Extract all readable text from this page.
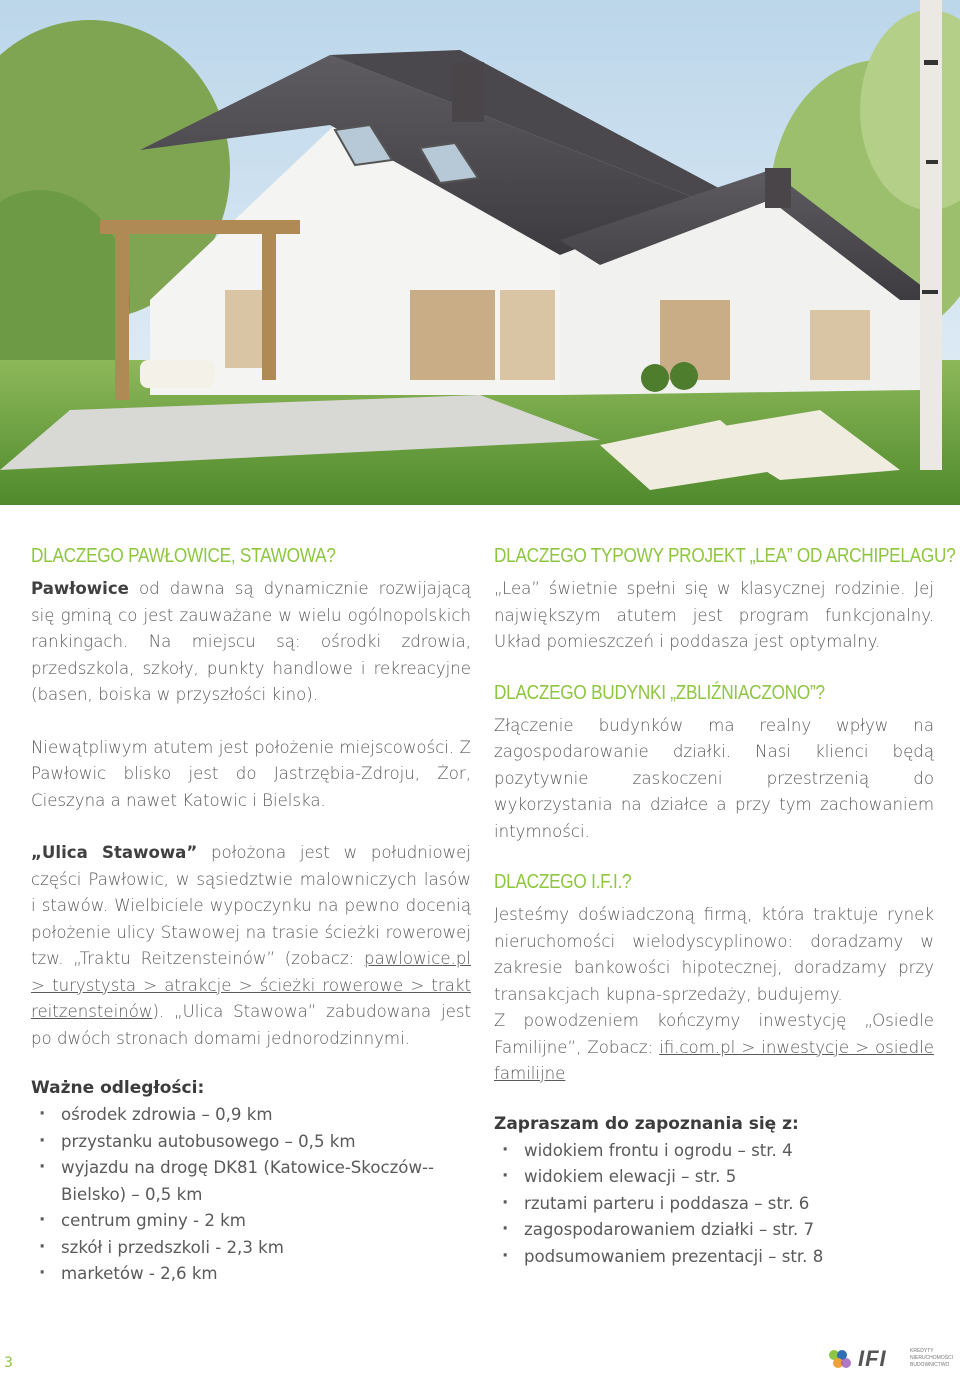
DLACZEGO PAWŁOWICE, STAWOWA?

Pawłowice od dawna są dynamicznie rozwijającą się gminą co jest zauważane w wielu ogólnopolskich rankingach. Na miejscu są: ośrodki zdrowia, przedszkola, szkoły, punkty handlowe i rekreacyjne (basen, boiska w przyszłości kino).

Niewątpliwym atutem jest położenie miejscowości. Z Pawłowic blisko jest do Jastrzębia-Zdroju, Żor, Cieszyna a nawet Katowic i Bielska.

„Ulica Stawowa” położona jest w południowej części Pawłowic, w sąsiedztwie malowniczych lasów i stawów. Wielbiciele wypoczynku na pewno docenią położenie ulicy Stawowej na trasie ścieżki rowerowej tzw. „Traktu Reitzensteinów” (zobacz: pawlowice.pl > turystysta > atrakcje > ścieżki rowerowe > trakt reitzensteinów). „Ulica Stawowa” zabudowana jest po dwóch stronach domami jednorodzinnymi.

Ważne odległości:
· ośrodek zdrowia – 0,9 km
· przystanku autobusowego – 0,5 km
· wyjazdu na drogę DK81 (Katowice-Skoczów--Bielsko) – 0,5 km
· centrum gminy - 2 km
· szkół i przedszkoli - 2,3 km
· marketów - 2,6 km
DLACZEGO TYPOWY PROJEKT „LEA” OD ARCHIPELAGU?

„Lea” świetnie spełni się w klasycznej rodzinie. Jej największym atutem jest program funkcjonalny. Układ pomieszczeń i poddasza jest optymalny.

DLACZEGO BUDYNKI „ZBLIŹNIACZONO”?

Złączenie budynków ma realny wpływ na zagospodarowanie działki. Nasi klienci będą pozytywnie zaskoczeni przestrzenią do wykorzystania na działce a przy tym zachowaniem intymności.

DLACZEGO I.F.I.?

Jesteśmy doświadczoną firmą, która traktuje rynek nieruchomości wielodyscyplinowo: doradzamy w zakresie bankowości hipotecznej, doradzamy przy transakcjach kupna-sprzedaży, budujemy.

Z powodzeniem kończymy inwestycję „Osiedle Familijne”, Zobacz: ifi.com.pl > inwestycje > osiedle familijne

Zapraszam do zapoznania się z:
· widokiem frontu i ogrodu – str. 4
· widokiem elewacji – str. 5
· rzutami parteru i poddasza – str. 6
· zagospodarowaniem działki – str. 7
· podsumowaniem prezentacji – str. 8
3	IFI	KREDYTY NIERUCHOMOŚCI BUDOWNICTWO
